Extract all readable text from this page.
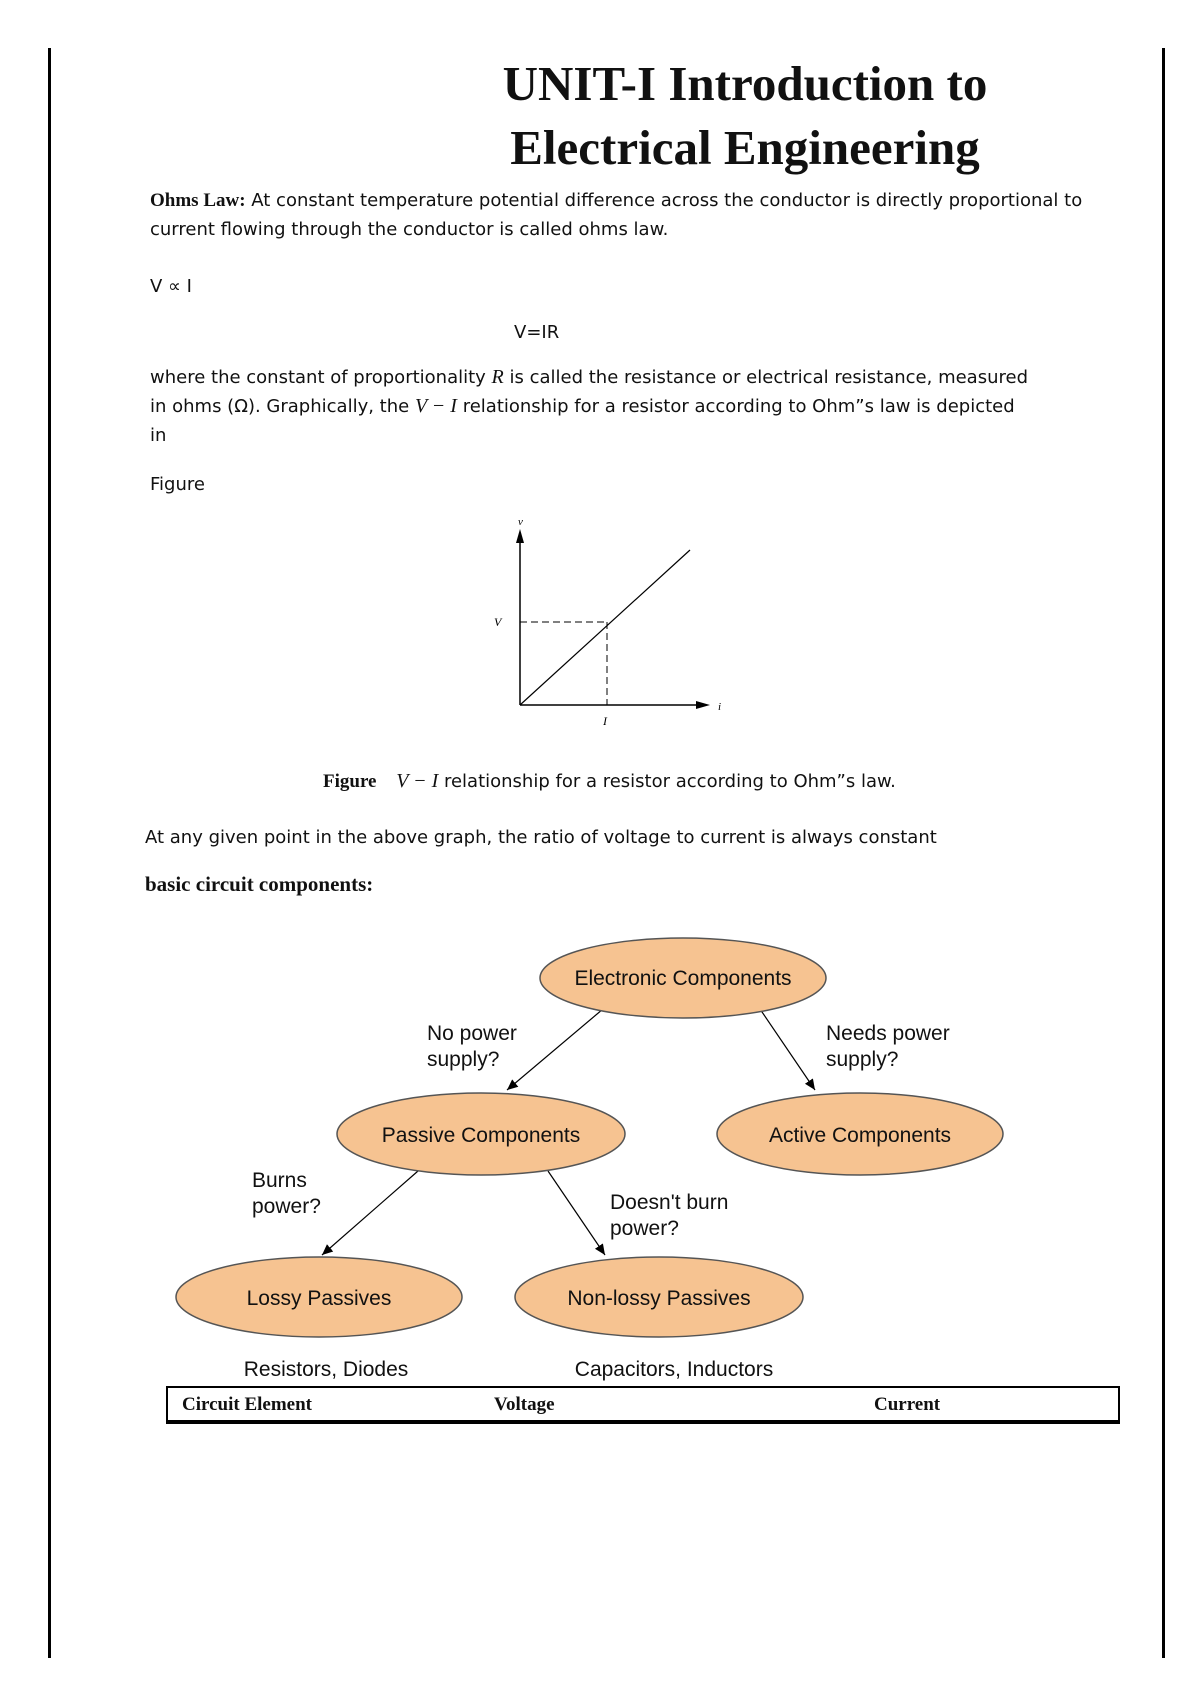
UNIT-I Introduction to
Electrical Engineering

Ohms Law: At constant temperature potential difference across the conductor is directly proportional to current flowing through the conductor is called ohms law.

V ∝ I

V=IR

where the constant of proportionality R is called the resistance or electrical resistance, measured in ohms (Ω). Graphically, the V − I relationship for a resistor according to Ohm”s law is depicted in

Figure

v
i
V
I

Figure V − I relationship for a resistor according to Ohm”s law.

At any given point in the above graph, the ratio of voltage to current is always constant

basic circuit components:

Electronic Components
Passive Components	Active Components
Lossy Passives	Non-lossy Passives
No power
supply?
Needs power
supply?
Burns
power?	Doesn't burn
power?
Resistors, Diodes	Capacitors, Inductors
Circuit Element	Voltage	Current
